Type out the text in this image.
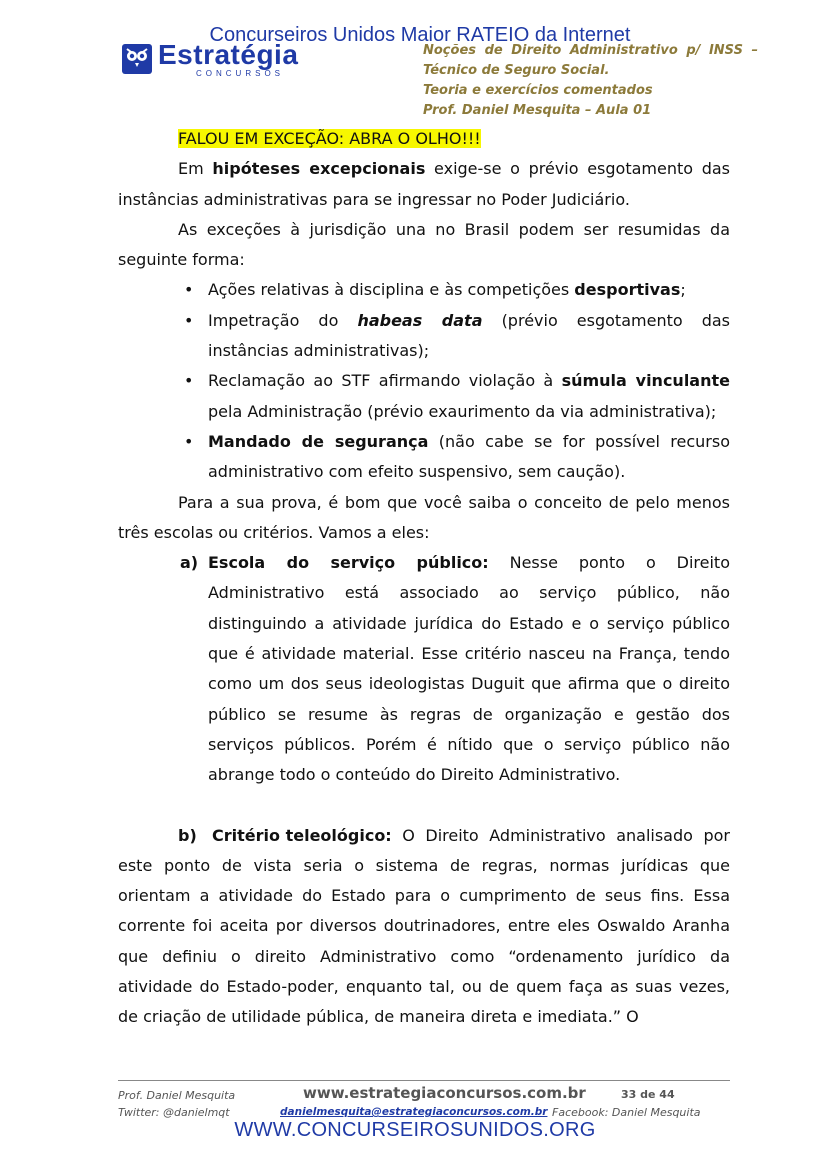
Concurseiros Unidos Maior RATEIO da Internet
Estratégia
CONCURSOS
Noções de Direito Administrativo p/ INSS –
Técnico de Seguro Social.
Teoria e exercícios comentados
Prof. Daniel Mesquita – Aula 01

FALOU EM EXCEÇÃO: ABRA O OLHO!!!

Em hipóteses excepcionais exige-se o prévio esgotamento das instâncias administrativas para se ingressar no Poder Judiciário.

As exceções à jurisdição una no Brasil podem ser resumidas da seguinte forma:

• Ações relativas à disciplina e às competições desportivas;
• Impetração do habeas data (prévio esgotamento das instâncias administrativas);
• Reclamação ao STF afirmando violação à súmula vinculante pela Administração (prévio exaurimento da via administrativa);
• Mandado de segurança (não cabe se for possível recurso administrativo com efeito suspensivo, sem caução).

Para a sua prova, é bom que você saiba o conceito de pelo menos três escolas ou critérios. Vamos a eles:

a) Escola do serviço público: Nesse ponto o Direito Administrativo está associado ao serviço público, não distinguindo a atividade jurídica do Estado e o serviço público que é atividade material. Esse critério nasceu na França, tendo como um dos seus ideologistas Duguit que afirma que o direito público se resume às regras de organização e gestão dos serviços públicos. Porém é nítido que o serviço público não abrange todo o conteúdo do Direito Administrativo.

b) Critério teleológico: O Direito Administrativo analisado por este ponto de vista seria o sistema de regras, normas jurídicas que orientam a atividade do Estado para o cumprimento de seus fins. Essa corrente foi aceita por diversos doutrinadores, entre eles Oswaldo Aranha que definiu o direito Administrativo como “ordenamento jurídico da atividade do Estado-poder, enquanto tal, ou de quem faça as suas vezes, de criação de utilidade pública, de maneira direta e imediata.” O

Prof. Daniel Mesquita	www.estrategiaconcursos.com.br	33 de 44
Twitter: @danielmqt	danielmesquita@estrategiaconcursos.com.br Facebook: Daniel Mesquita
WWW.CONCURSEIROSUNIDOS.ORG
